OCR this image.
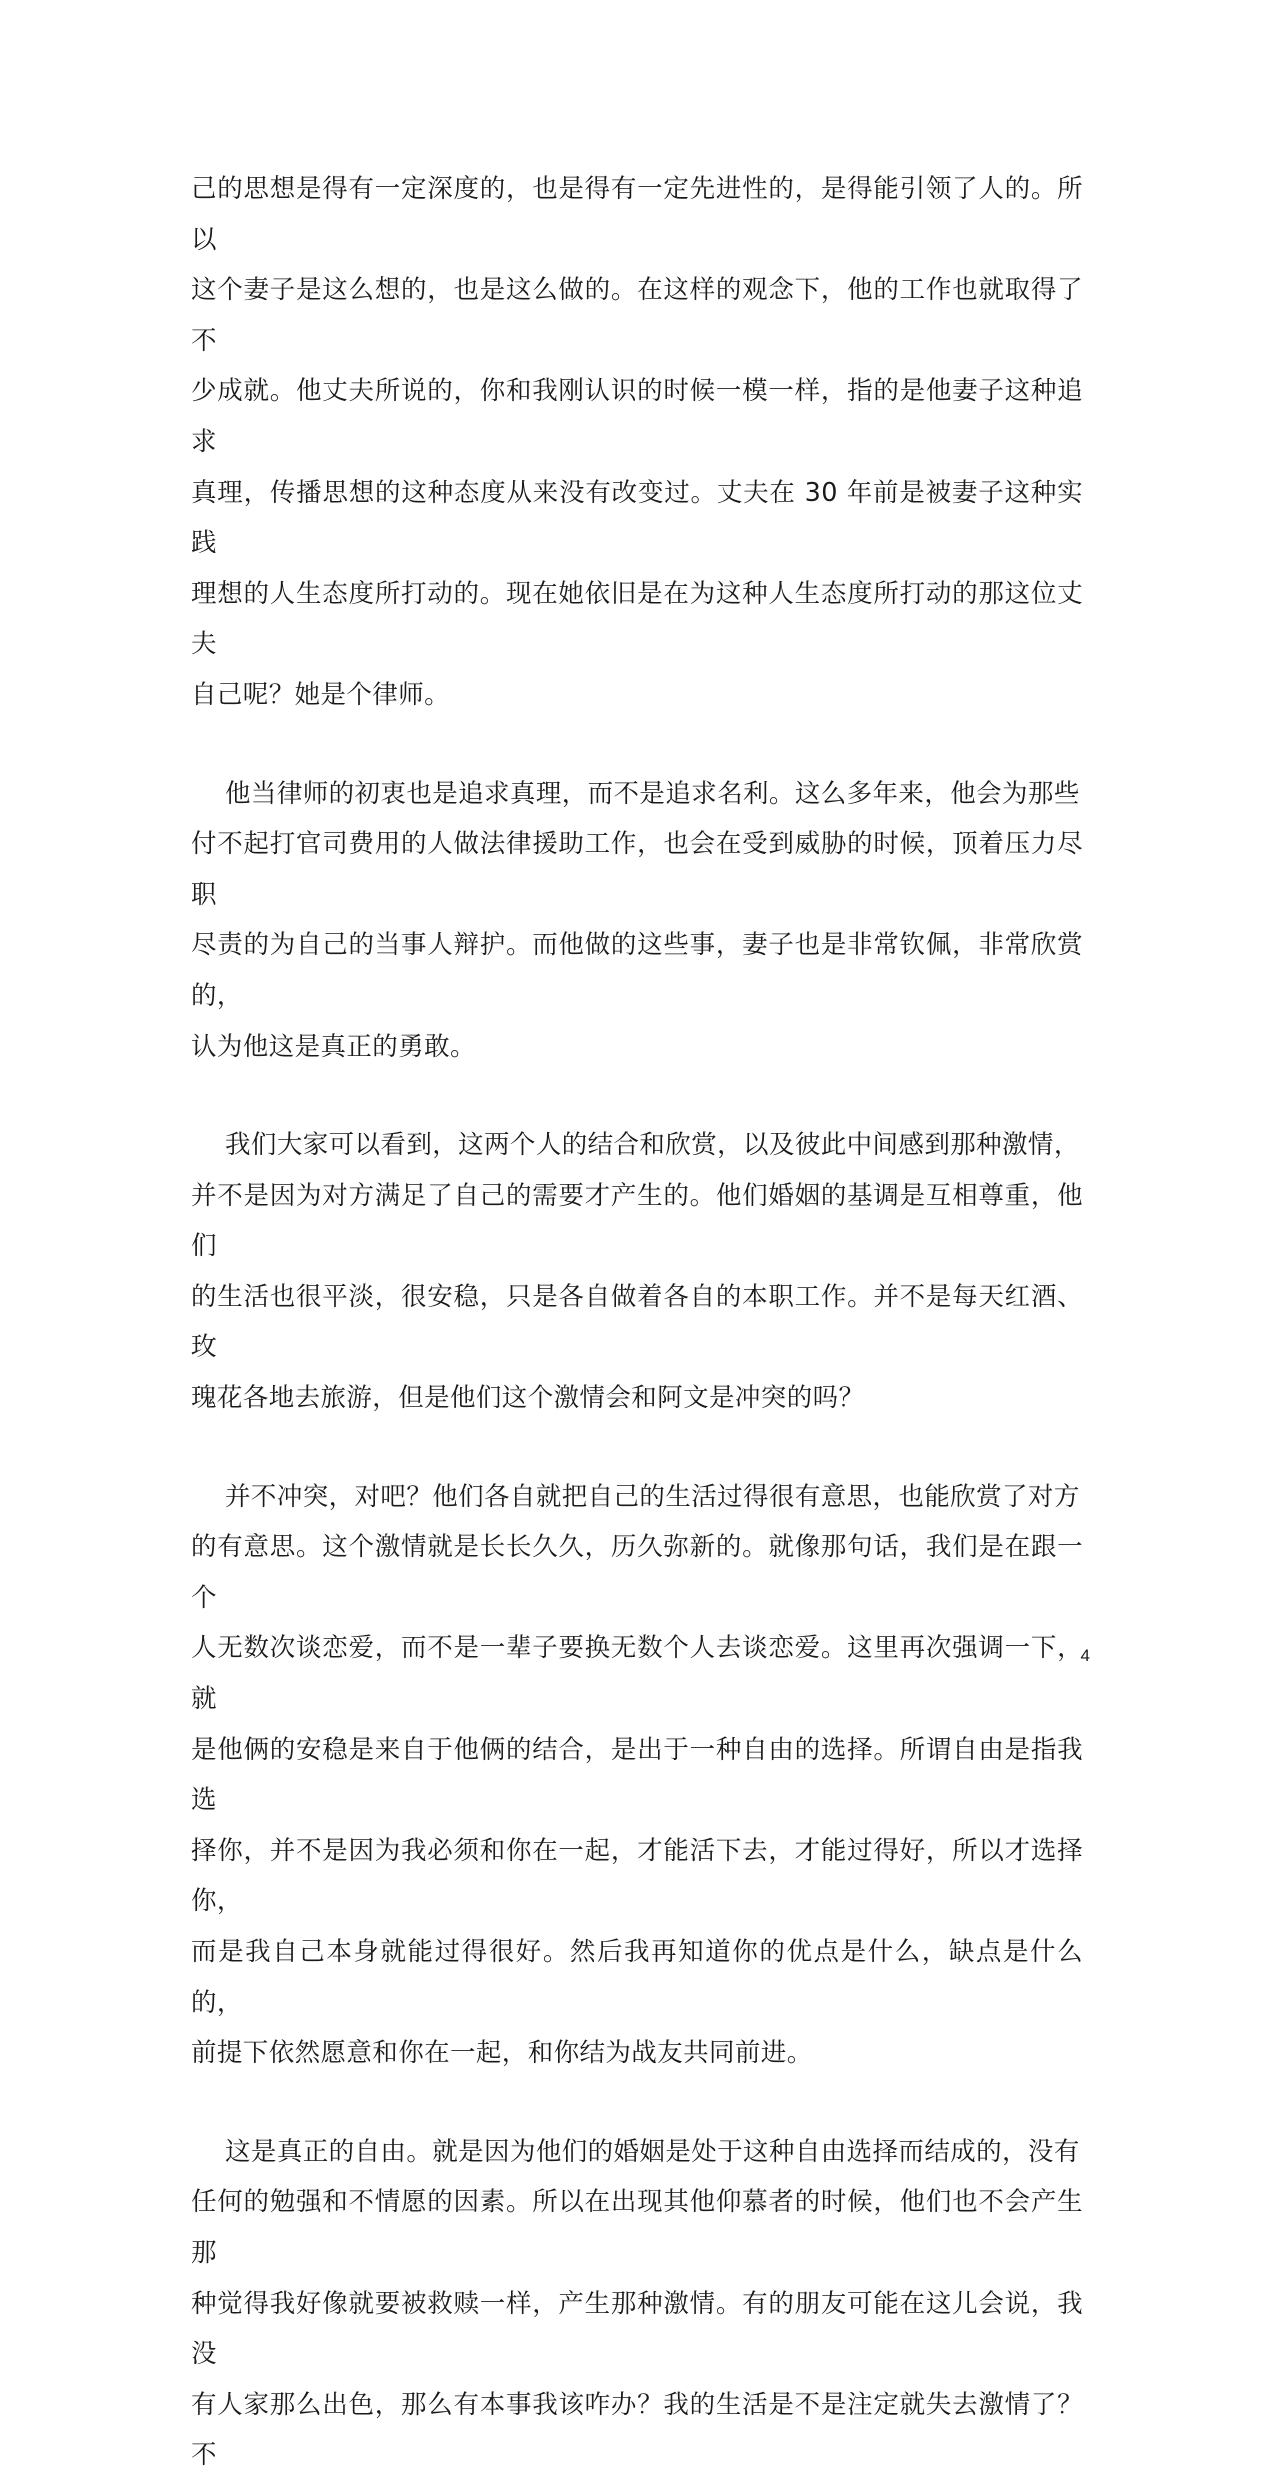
己的思想是得有一定深度的，也是得有一定先进性的，是得能引领了人的。所以
这个妻子是这么想的，也是这么做的。在这样的观念下，他的工作也就取得了不
少成就。他丈夫所说的，你和我刚认识的时候一模一样，指的是他妻子这种追求
真理，传播思想的这种态度从来没有改变过。丈夫在 30 年前是被妻子这种实践
理想的人生态度所打动的。现在她依旧是在为这种人生态度所打动的那这位丈夫
自己呢？她是个律师。

他当律师的初衷也是追求真理，而不是追求名利。这么多年来，他会为那些
付不起打官司费用的人做法律援助工作，也会在受到威胁的时候，顶着压力尽职
尽责的为自己的当事人辩护。而他做的这些事，妻子也是非常钦佩，非常欣赏的，
认为他这是真正的勇敢。

我们大家可以看到，这两个人的结合和欣赏，以及彼此中间感到那种激情，
并不是因为对方满足了自己的需要才产生的。他们婚姻的基调是互相尊重，他们
的生活也很平淡，很安稳，只是各自做着各自的本职工作。并不是每天红酒、玫
瑰花各地去旅游，但是他们这个激情会和阿文是冲突的吗？

并不冲突，对吧？他们各自就把自己的生活过得很有意思，也能欣赏了对方
的有意思。这个激情就是长长久久，历久弥新的。就像那句话，我们是在跟一个
人无数次谈恋爱，而不是一辈子要换无数个人去谈恋爱。这里再次强调一下，就
是他俩的安稳是来自于他俩的结合，是出于一种自由的选择。所谓自由是指我选
择你，并不是因为我必须和你在一起，才能活下去，才能过得好，所以才选择你，
而是我自己本身就能过得很好。然后我再知道你的优点是什么，缺点是什么的，
前提下依然愿意和你在一起，和你结为战友共同前进。

这是真正的自由。就是因为他们的婚姻是处于这种自由选择而结成的，没有
任何的勉强和不情愿的因素。所以在出现其他仰慕者的时候，他们也不会产生那
种觉得我好像就要被救赎一样，产生那种激情。有的朋友可能在这儿会说，我没
有人家那么出色，那么有本事我该咋办？我的生活是不是注定就失去激情了？不

4
